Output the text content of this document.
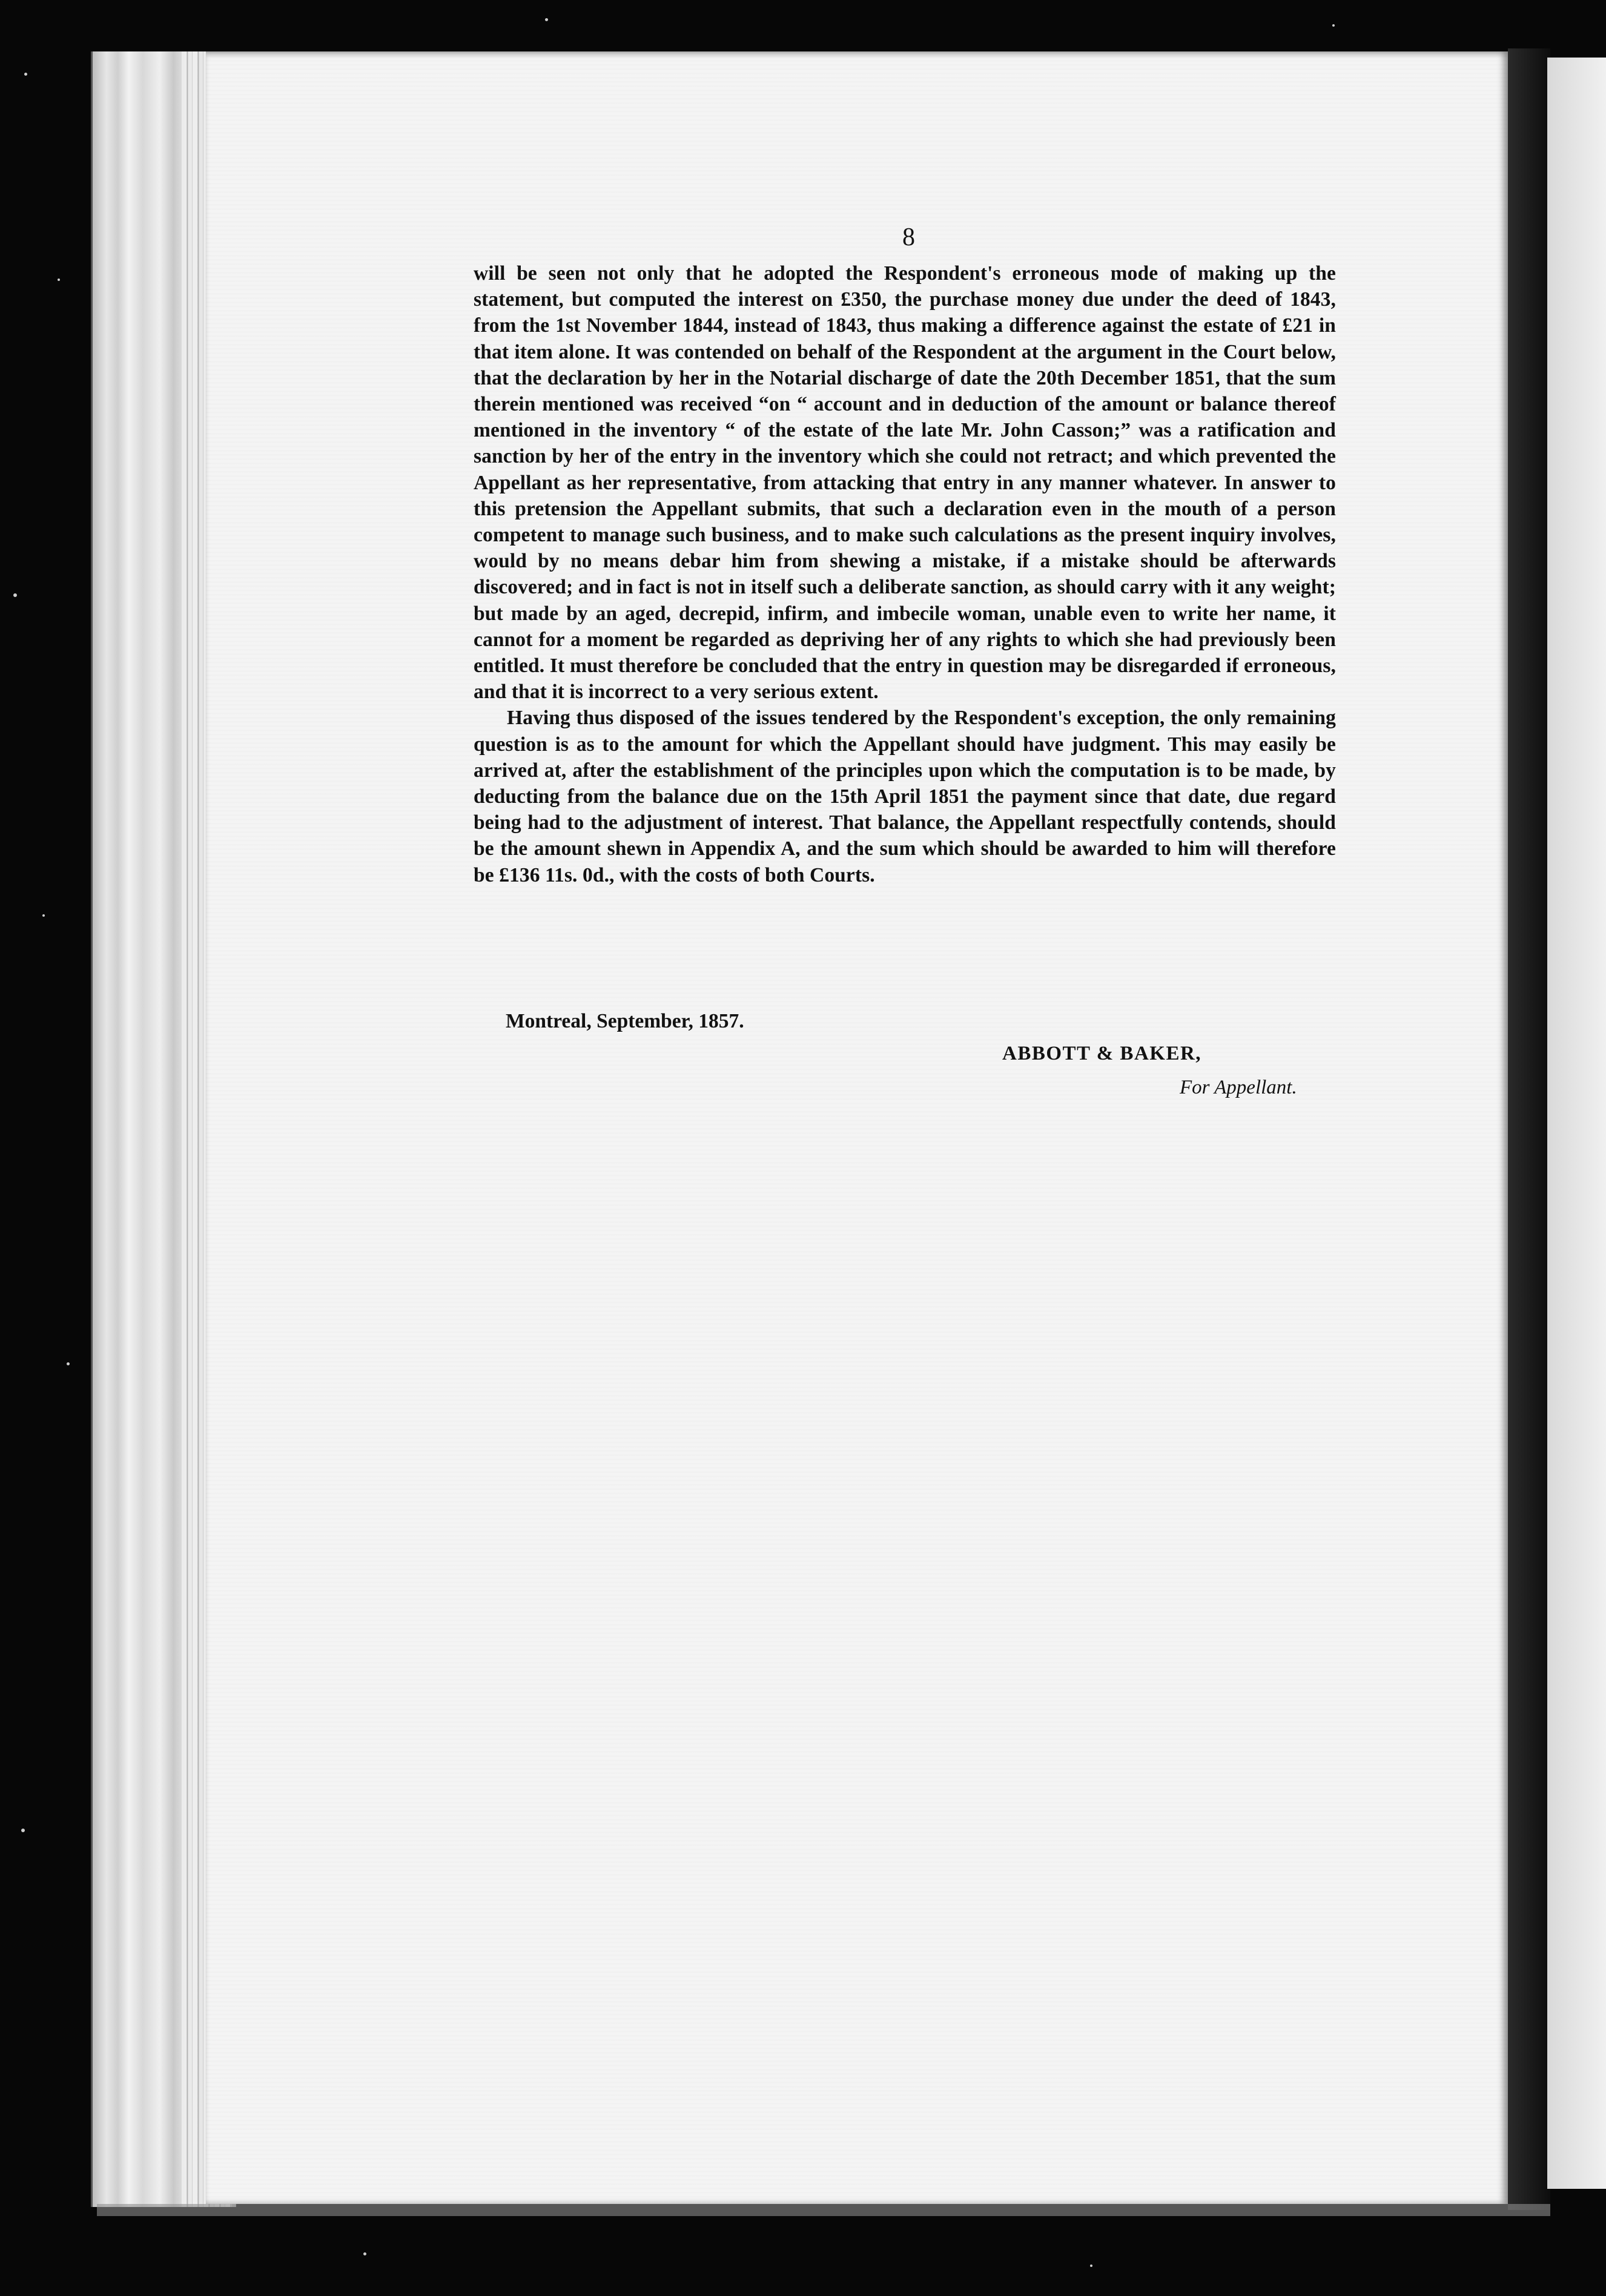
8

will be seen not only that he adopted the Respondent's erroneous mode of making up the statement, but computed the interest on £350, the purchase money due under the deed of 1843, from the 1st November 1844, instead of 1843, thus making a difference against the estate of £21 in that item alone. It was contended on behalf of the Respondent at the argument in the Court below, that the declaration by her in the Notarial discharge of date the 20th December 1851, that the sum therein mentioned was received “on “ account and in deduction of the amount or balance thereof mentioned in the inventory “ of the estate of the late Mr. John Casson;” was a ratification and sanction by her of the entry in the inventory which she could not retract; and which prevented the Appellant as her representative, from attacking that entry in any manner whatever. In answer to this pretension the Appellant submits, that such a declaration even in the mouth of a person competent to manage such business, and to make such calculations as the present inquiry involves, would by no means debar him from shewing a mistake, if a mistake should be afterwards discovered; and in fact is not in itself such a deliberate sanction, as should carry with it any weight; but made by an aged, decrepid, infirm, and imbecile woman, unable even to write her name, it cannot for a moment be regarded as depriving her of any rights to which she had previously been entitled. It must therefore be concluded that the entry in question may be disregarded if erroneous, and that it is incorrect to a very serious extent.

Having thus disposed of the issues tendered by the Respondent's exception, the only remaining question is as to the amount for which the Appellant should have judgment. This may easily be arrived at, after the establishment of the principles upon which the computation is to be made, by deducting from the balance due on the 15th April 1851 the payment since that date, due regard being had to the adjustment of interest. That balance, the Appellant respectfully contends, should be the amount shewn in Appendix A, and the sum which should be awarded to him will therefore be £136 11s. 0d., with the costs of both Courts.

Montreal, September, 1857.
ABBOTT & BAKER,
For Appellant.
